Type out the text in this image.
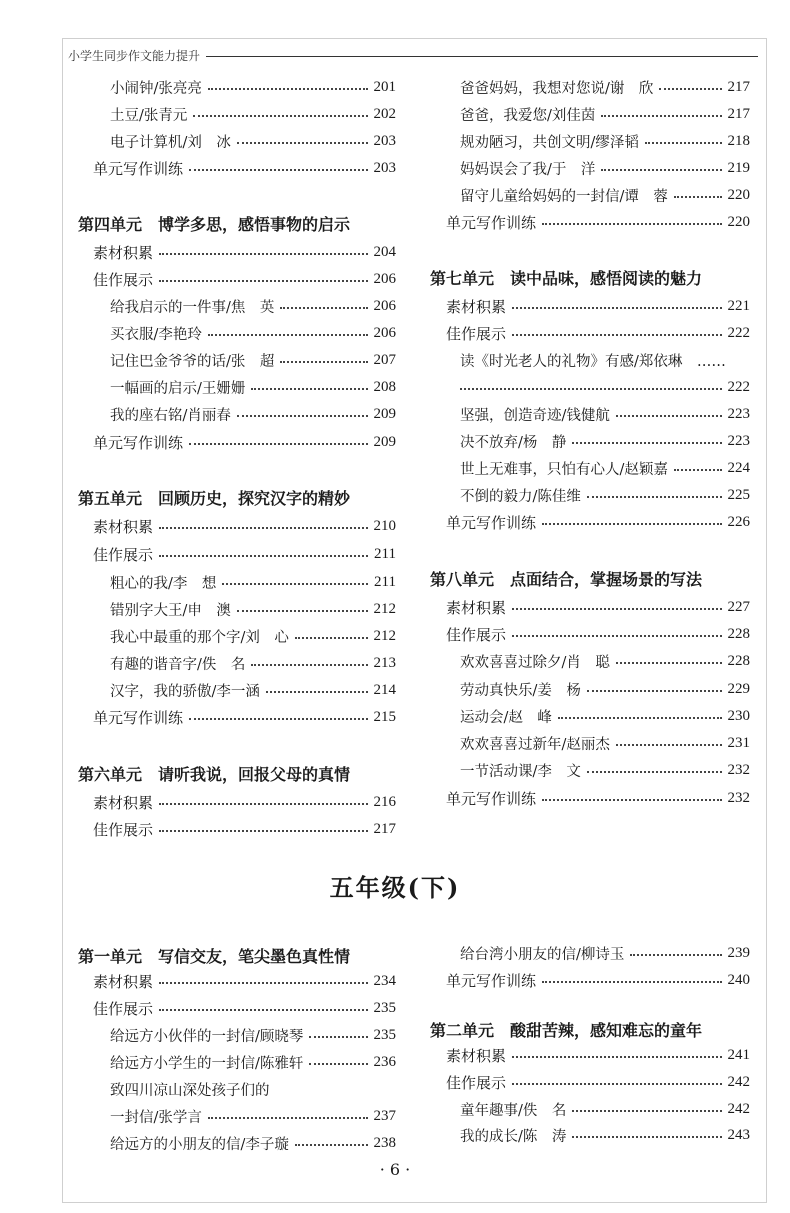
小学生同步作文能力提升
小闹钟/张亮亮	201
土豆/张青元	202
电子计算机/刘　冰	203
单元写作训练	203
第四单元　博学多思，感悟事物的启示
素材积累	204
佳作展示	206
给我启示的一件事/焦　英	206
买衣服/李艳玲	206
记住巴金爷爷的话/张　超	207
一幅画的启示/王姗姗	208
我的座右铭/肖丽春	209
单元写作训练	209
第五单元　回顾历史，探究汉字的精妙
素材积累	210
佳作展示	211
粗心的我/李　想	211
错别字大王/申　澳	212
我心中最重的那个字/刘　心	212
有趣的谐音字/佚　名	213
汉字，我的骄傲/李一涵	214
单元写作训练	215
第六单元　请听我说，回报父母的真情
素材积累	216
佳作展示	217
爸爸妈妈，我想对您说/谢　欣	217
爸爸，我爱您/刘佳茵	217
规劝陋习，共创文明/缪泽韬	218
妈妈误会了我/于　洋	219
留守儿童给妈妈的一封信/谭　蓉	220
单元写作训练	220
第七单元　读中品味，感悟阅读的魅力
素材积累	221
佳作展示	222
读《时光老人的礼物》有感/郑依琳　……
222
坚强，创造奇迹/钱健航	223
决不放弃/杨　静	223
世上无难事，只怕有心人/赵颖嘉	224
不倒的毅力/陈佳维	225
单元写作训练	226
第八单元　点面结合，掌握场景的写法
素材积累	227
佳作展示	228
欢欢喜喜过除夕/肖　聪	228
劳动真快乐/姜　杨	229
运动会/赵　峰	230
欢欢喜喜过新年/赵丽杰	231
一节活动课/李　文	232
单元写作训练	232
五年级(下)
第一单元　写信交友，笔尖墨色真性情
素材积累	234
佳作展示	235
给远方小伙伴的一封信/顾晓琴	235
给远方小学生的一封信/陈雅轩	236
致四川凉山深处孩子们的
一封信/张学言	237
给远方的小朋友的信/李子璇	238
给台湾小朋友的信/柳诗玉	239
单元写作训练	240
第二单元　酸甜苦辣，感知难忘的童年
素材积累	241
佳作展示	242
童年趣事/佚　名	242
我的成长/陈　涛	243
· 6 ·
